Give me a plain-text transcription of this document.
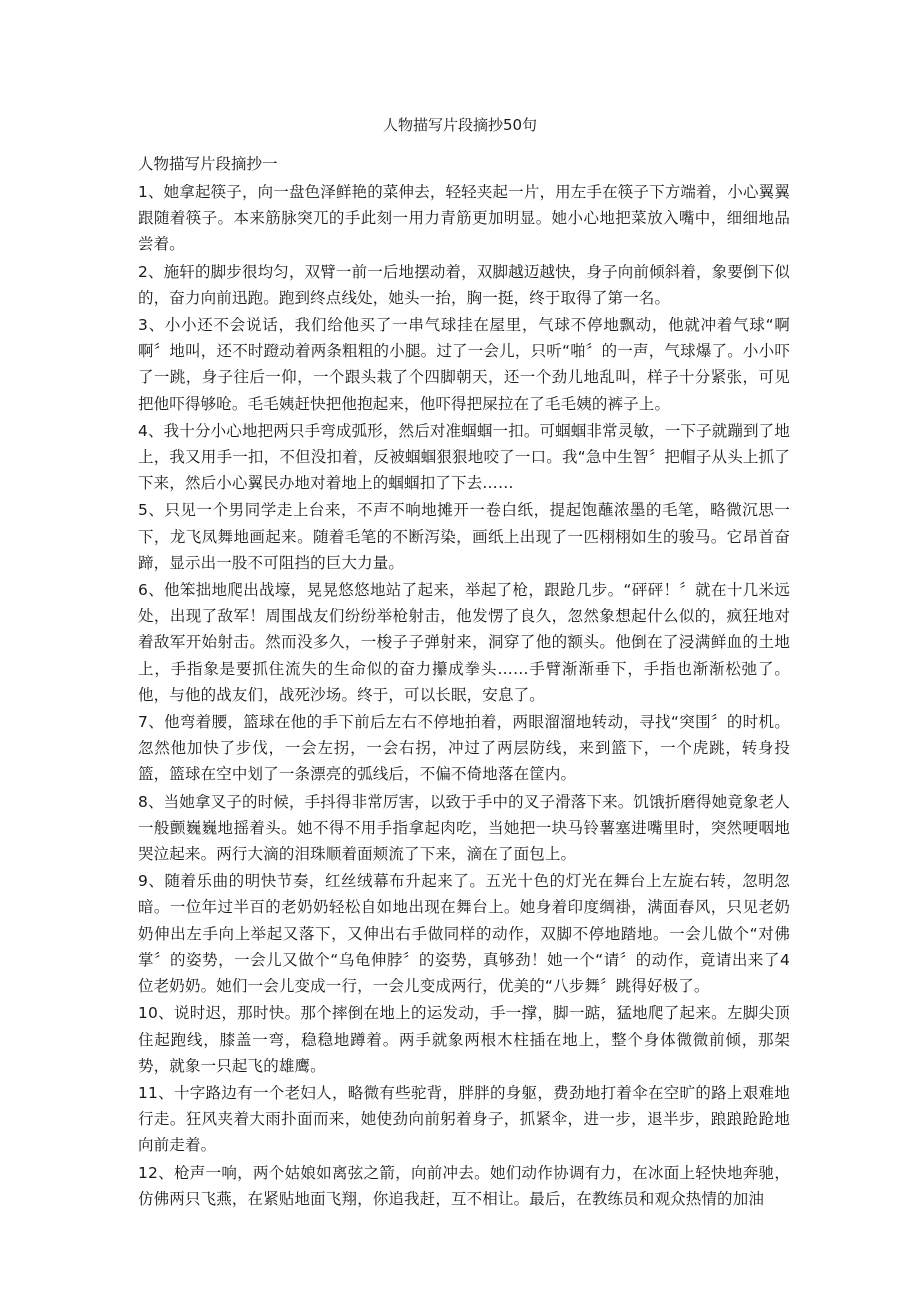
人物描写片段摘抄50句

人物描写片段摘抄一

1、她拿起筷子，向一盘色泽鲜艳的菜伸去，轻轻夹起一片，用左手在筷子下方端着，小心翼翼跟随着筷子。本来筋脉突兀的手此刻一用力青筋更加明显。她小心地把菜放入嘴中，细细地品尝着。

2、施轩的脚步很均匀，双臂一前一后地摆动着，双脚越迈越快，身子向前倾斜着，象要倒下似的，奋力向前迅跑。跑到终点线处，她头一抬，胸一挺，终于取得了第一名。

3、小小还不会说话，我们给他买了一串气球挂在屋里，气球不停地飘动，他就冲着气球“啊啊〞地叫，还不时蹬动着两条粗粗的小腿。过了一会儿，只听“啪〞的一声，气球爆了。小小吓了一跳，身子往后一仰，一个跟头栽了个四脚朝天，还一个劲儿地乱叫，样子十分紧张，可见把他吓得够呛。毛毛姨赶快把他抱起来，他吓得把屎拉在了毛毛姨的裤子上。

4、我十分小心地把两只手弯成弧形，然后对准蝈蝈一扣。可蝈蝈非常灵敏，一下子就蹦到了地上，我又用手一扣，不但没扣着，反被蝈蝈狠狠地咬了一口。我“急中生智〞把帽子从头上抓了下来，然后小心翼民办地对着地上的蝈蝈扣了下去……

5、只见一个男同学走上台来，不声不响地摊开一卷白纸，提起饱蘸浓墨的毛笔，略微沉思一下，龙飞凤舞地画起来。随着毛笔的不断泻染，画纸上出现了一匹栩栩如生的骏马。它昂首奋蹄，显示出一股不可阻挡的巨大力量。

6、他笨拙地爬出战壕，晃晃悠悠地站了起来，举起了枪，跟跄几步。“砰砰！〞就在十几米远处，出现了敌军！周围战友们纷纷举枪射击，他发愣了良久，忽然象想起什么似的，疯狂地对着敌军开始射击。然而没多久，一梭子子弹射来，洞穿了他的额头。他倒在了浸满鲜血的土地上，手指象是要抓住流失的生命似的奋力攥成拳头……手臂渐渐垂下，手指也渐渐松弛了。他，与他的战友们，战死沙场。终于，可以长眠，安息了。

7、他弯着腰，篮球在他的手下前后左右不停地拍着，两眼溜溜地转动，寻找“突围〞的时机。忽然他加快了步伐，一会左拐，一会右拐，冲过了两层防线，来到篮下，一个虎跳，转身投篮，篮球在空中划了一条漂亮的弧线后，不偏不倚地落在筐内。

8、当她拿叉子的时候，手抖得非常厉害，以致于手中的叉子滑落下来。饥饿折磨得她竟象老人一般颤巍巍地摇着头。她不得不用手指拿起肉吃，当她把一块马铃薯塞进嘴里时，突然哽咽地哭泣起来。两行大滴的泪珠顺着面颊流了下来，滴在了面包上。

9、随着乐曲的明快节奏，红丝绒幕布升起来了。五光十色的灯光在舞台上左旋右转，忽明忽暗。一位年过半百的老奶奶轻松自如地出现在舞台上。她身着印度绸褂，满面春风，只见老奶奶伸出左手向上举起又落下，又伸出右手做同样的动作，双脚不停地踏地。一会儿做个“对佛掌〞的姿势，一会儿又做个“乌龟伸脖〞的姿势，真够劲！她一个“请〞的动作，竟请出来了4位老奶奶。她们一会儿变成一行，一会儿变成两行，优美的“八步舞〞跳得好极了。

10、说时迟，那时快。那个摔倒在地上的运发动，手一撑，脚一踮，猛地爬了起来。左脚尖顶住起跑线，膝盖一弯，稳稳地蹲着。两手就象两根木柱插在地上，整个身体微微前倾，那架势，就象一只起飞的雄鹰。

11、十字路边有一个老妇人，略微有些驼背，胖胖的身躯，费劲地打着伞在空旷的路上艰难地行走。狂风夹着大雨扑面而来，她使劲向前躬着身子，抓紧伞，进一步，退半步，踉踉跄跄地向前走着。

12、枪声一响，两个姑娘如离弦之箭，向前冲去。她们动作协调有力，在冰面上轻快地奔驰，仿佛两只飞燕，在紧贴地面飞翔，你追我赶，互不相让。最后，在教练员和观众热情的加油
